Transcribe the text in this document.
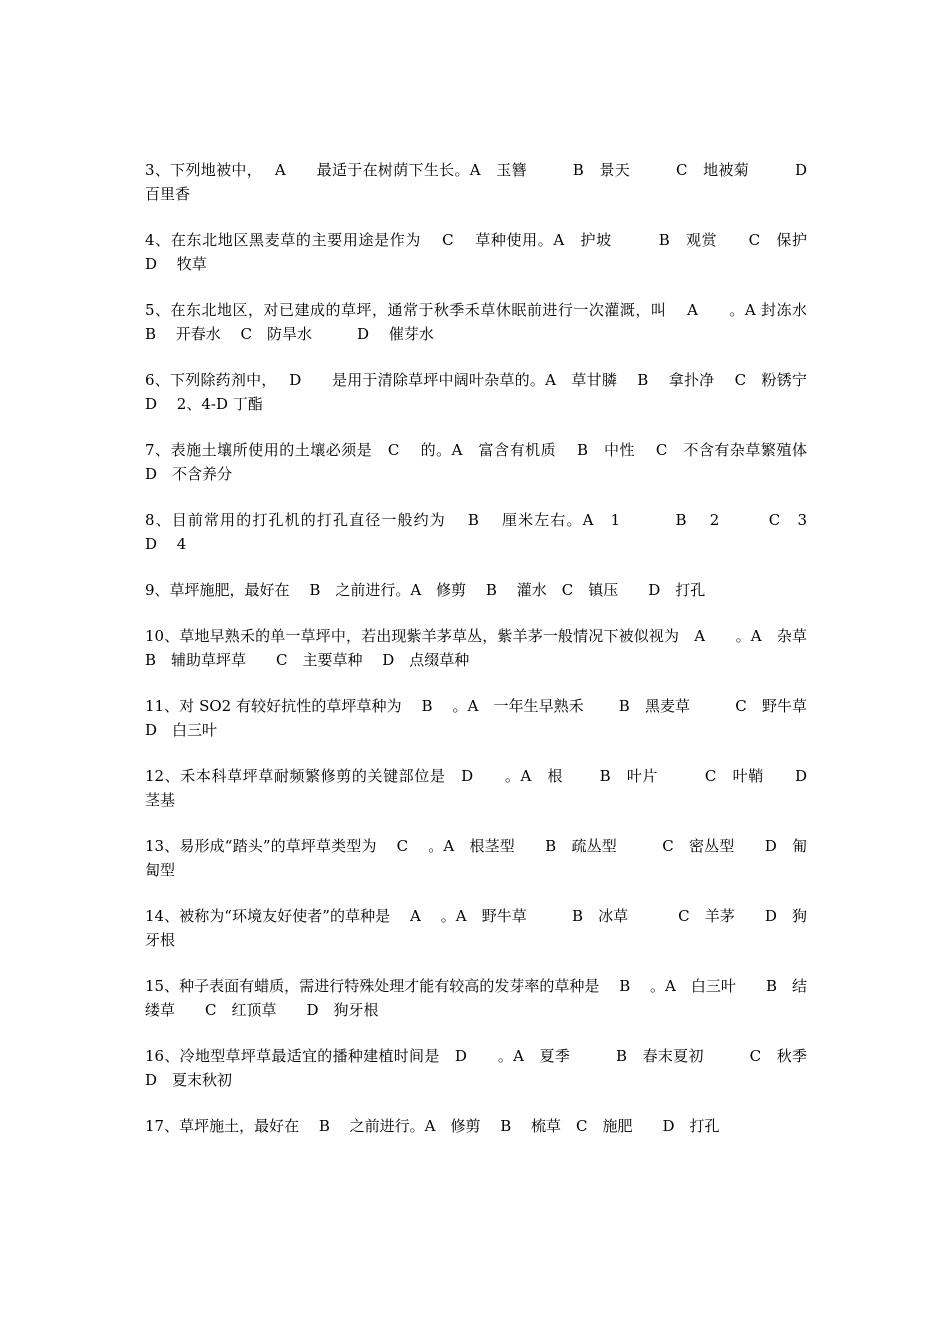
3、下列地被中，　 A　　最适于在树荫下生长。A　玉簪　　　B　景天　　　C　地被菊　　　D　　百里香
4、在东北地区黑麦草的主要用途是作为　 C　 草种使用。A　护坡　　　B　观赏　　C　保护　　　　D　 牧草
5、在东北地区，对已建成的草坪，通常于秋季禾草休眠前进行一次灌溉，叫　 A　　。A 封冻水　B　 开春水　 C　防旱水　　　D　 催芽水
6、下列除药剂中，　 D　　是用于清除草坪中阔叶杂草的。A　草甘膦　 B　 拿扑净　 C　粉锈宁　　D　 2、4-D 丁酯
7、表施土壤所使用的土壤必须是　C　 的。A　富含有机质　 B　中性　 C　不含有杂草繁殖体　 D　不含养分
8、目前常用的打孔机的打孔直径一般约为　 B　 厘米左右。A　1　　　 B　 2　　　C　3　　　 D　 4
9、草坪施肥，最好在　 B　之前进行。A　修剪　 B　 灌水　C　镇压　　D　打孔
10、草地早熟禾的单一草坪中，若出现紫羊茅草丛，紫羊茅一般情况下被似视为　A　　。A　杂草　　B　辅助草坪草　　C　主要草种　 D　点缀草种
11、对 SO2 有较好抗性的草坪草种为　 B　 。A　一年生早熟禾　　 B　黑麦草　　　C　野牛草　　D　白三叶
12、禾本科草坪草耐频繁修剪的关键部位是　D　　。A　根　　 B　叶片　　　C　叶鞘　　D　茎基
13、易形成“踏头”的草坪草类型为　 C　 。A　根茎型　　B　疏丛型　　　C　密丛型　　D　匍匐型
14、被称为“环境友好使者”的草种是　 A　 。A　野牛草　　　B　冰草　　　 C　羊茅　　D　狗牙根
15、种子表面有蜡质，需进行特殊处理才能有较高的发芽率的草种是　 B　 。A　白三叶　　B　结缕草　　C　红顶草　　D　狗牙根
16、冷地型草坪草最适宜的播种建植时间是　D　　。A　夏季　　　B　春末夏初　　　C　秋季　　　D　夏末秋初
17、草坪施土，最好在　 B　 之前进行。A　修剪　 B　 梳草　C　施肥　　D　打孔
